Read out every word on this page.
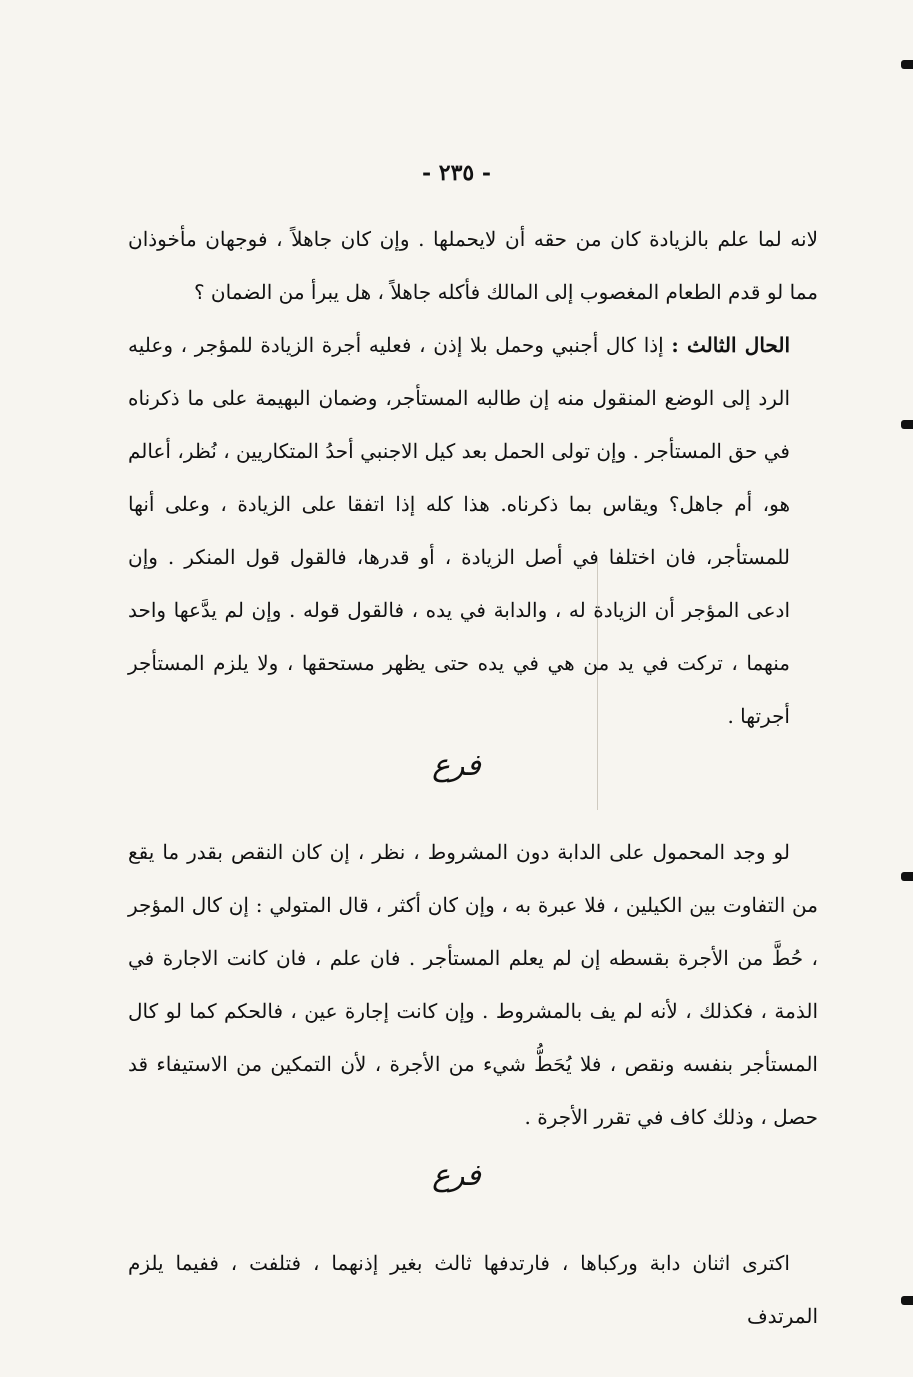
- ٢٣٥ -

لانه لما علم بالزيادة كان من حقه أن لايحملها . وإن كان جاهلاً ، فوجهان مأخوذان مما لو قدم الطعام المغصوب إلى المالك فأكله جاهلاً ، هل يبرأ من الضمان ؟

الحال الثالث : إذا كال أجنبي وحمل بلا إذن ، فعليه أجرة الزيادة للمؤجر ، وعليه الرد إلى الوضع المنقول منه إن طالبه المستأجر، وضمان البهيمة على ما ذكرناه في حق المستأجر . وإن تولى الحمل بعد كيل الاجنبي أحدُ المتكاريين ، نُظر، أعالم هو، أم جاهل؟ ويقاس بما ذكرناه. هذا كله إذا اتفقا على الزيادة ، وعلى أنها للمستأجر، فان اختلفا في أصل الزيادة ، أو قدرها، فالقول قول المنكر . وإن ادعى المؤجر أن الزيادة له ، والدابة في يده ، فالقول قوله . وإن لم يدَّعها واحد منهما ، تركت في يد من هي في يده حتى يظهر مستحقها ، ولا يلزم المستأجر أجرتها .

فرع

لو وجد المحمول على الدابة دون المشروط ، نظر ، إن كان النقص بقدر ما يقع من التفاوت بين الكيلين ، فلا عبرة به ، وإن كان أكثر ، قال المتولي : إن كال المؤجر ، حُطَّ من الأجرة بقسطه إن لم يعلم المستأجر . فان علم ، فان كانت الاجارة في الذمة ، فكذلك ، لأنه لم يف بالمشروط . وإن كانت إجارة عين ، فالحكم كما لو كال المستأجر بنفسه ونقص ، فلا يُحَطُّ شيء من الأجرة ، لأن التمكين من الاستيفاء قد حصل ، وذلك كاف في تقرر الأجرة .

فرع

اكترى اثنان دابة وركباها ، فارتدفها ثالث بغير إذنهما ، فتلفت ، ففيما يلزم المرتدف
